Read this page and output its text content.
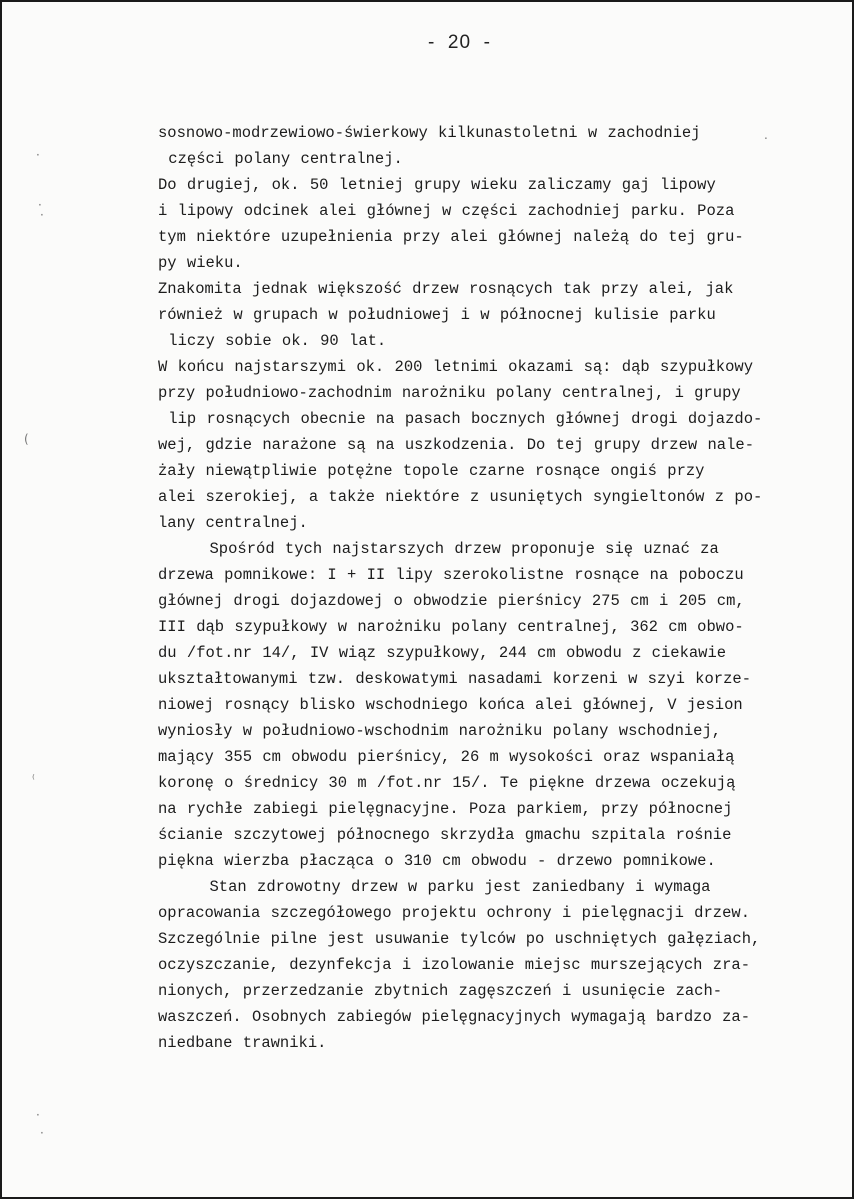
-  20  -
sosnowo-modrzewiowo-świerkowy kilkunastoletni w zachodniej
części polany centralnej.
Do drugiej, ok. 50 letniej grupy wieku zaliczamy gaj lipowy
i lipowy odcinek alei głównej w części zachodniej parku. Poza
tym niektóre uzupełnienia przy alei głównej należą do tej gru-
py wieku.
Znakomita jednak większość drzew rosnących tak przy alei, jak
również w grupach w południowej i w północnej kulisie parku
liczy sobie ok. 90 lat.
W końcu najstarszymi ok. 200 letnimi okazami są: dąb szypułkowy
przy południowo-zachodnim narożniku polany centralnej, i grupy
lip rosnących obecnie na pasach bocznych głównej drogi dojazdo-
wej, gdzie narażone są na uszkodzenia. Do tej grupy drzew nale-
żały niewątpliwie potężne topole czarne rosnące ongiś przy
alei szerokiej, a także niektóre z usuniętych syngieltonów z po-
lany centralnej.
Spośród tych najstarszych drzew proponuje się uznać za
drzewa pomnikowe: I + II lipy szerokolistne rosnące na poboczu
głównej drogi dojazdowej o obwodzie pierśnicy 275 cm i 205 cm,
III dąb szypułkowy w narożniku polany centralnej, 362 cm obwo-
du /fot.nr 14/, IV wiąz szypułkowy, 244 cm obwodu z ciekawie
ukształtowanymi tzw. deskowatymi nasadami korzeni w szyi korze-
niowej rosnący blisko wschodniego końca alei głównej, V jesion
wyniosły w południowo-wschodnim narożniku polany wschodniej,
mający 355 cm obwodu pierśnicy, 26 m wysokości oraz wspaniałą
koronę o średnicy 30 m /fot.nr 15/. Te piękne drzewa oczekują
na rychłe zabiegi pielęgnacyjne. Poza parkiem, przy północnej
ścianie szczytowej północnego skrzydła gmachu szpitala rośnie
piękna wierzba płacząca o 310 cm obwodu - drzewo pomnikowe.
Stan zdrowotny drzew w parku jest zaniedbany i wymaga
opracowania szczegółowego projektu ochrony i pielęgnacji drzew.
Szczególnie pilne jest usuwanie tylców po uschniętych gałęziach,
oczyszczanie, dezynfekcja i izolowanie miejsc murszejących zra-
nionych, przerzedzanie zbytnich zagęszczeń i usunięcie zach-
waszczeń. Osobnych zabiegów pielęgnacyjnych wymagają bardzo za-
niedbane trawniki.
·
·
·
(
⁽
·
·
.
